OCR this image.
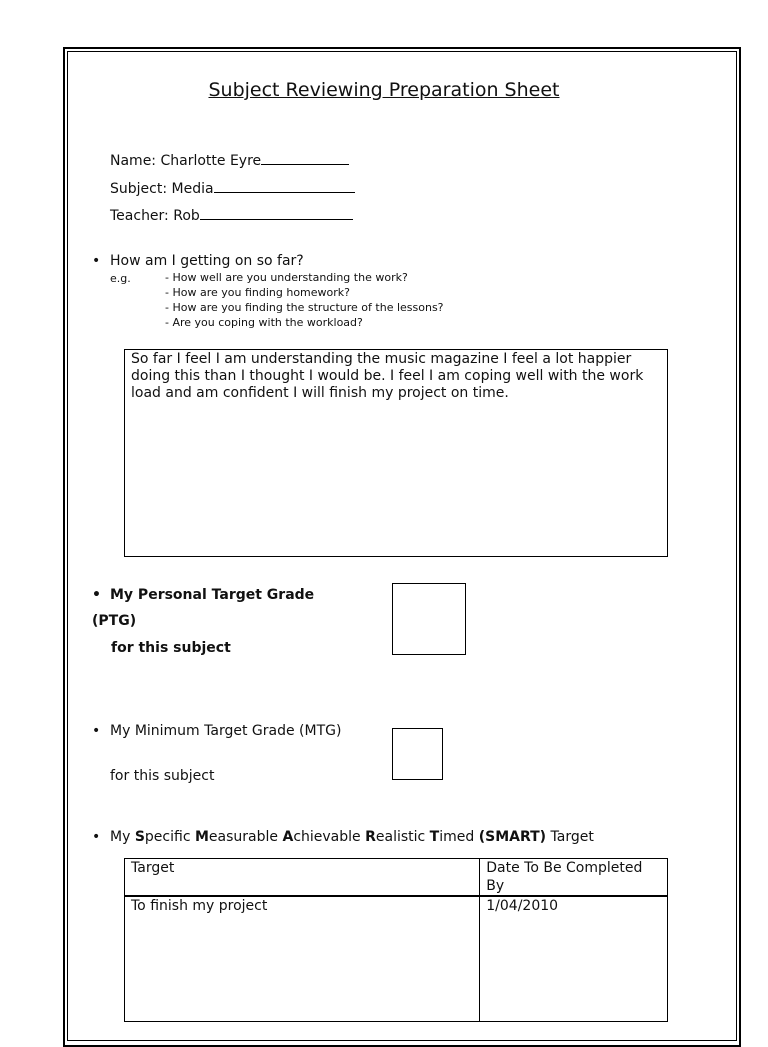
Subject Reviewing Preparation Sheet
Name: Charlotte Eyre
Subject: Media
Teacher: Rob
• How am I getting on so far?
e.g.	- How well are you understanding the work?
- How are you finding homework?
- How are you finding the structure of the lessons?
- Are you coping with the workload?
So far I feel I am understanding the music magazine I feel a lot happier doing this than I thought I would be. I feel I am coping well with the work load and am confident I will finish my project on time.
• My Personal Target Grade
(PTG)
for this subject
• My Minimum Target Grade (MTG)
for this subject
• My Specific Measurable Achievable Realistic Timed (SMART) Target
Target	Date To Be Completed By
To finish my project	1/04/2010
